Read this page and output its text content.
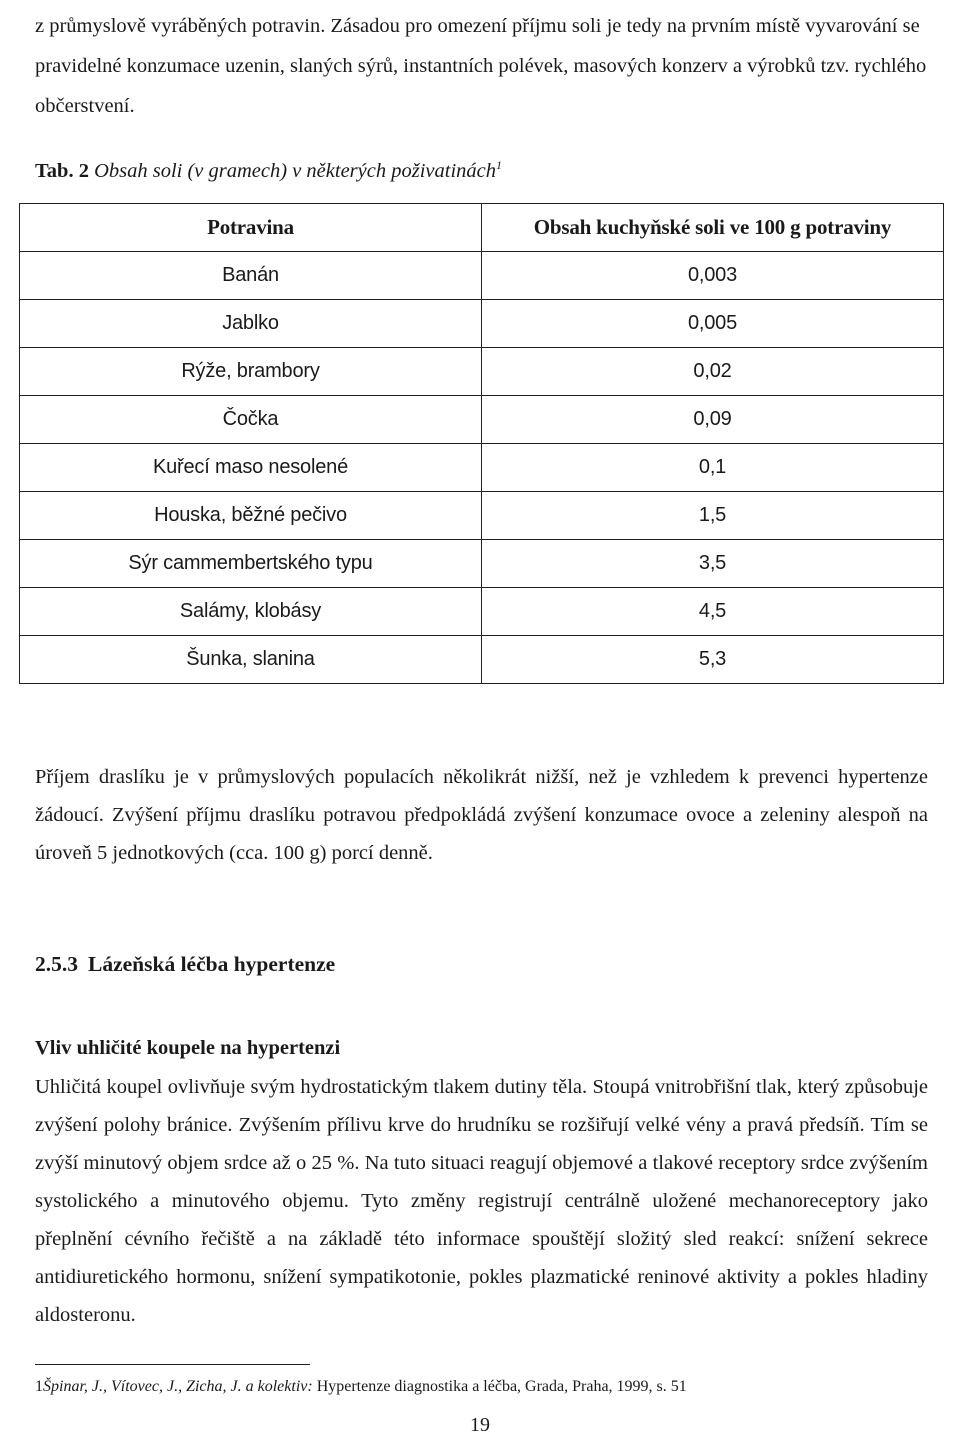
z průmyslově vyráběných potravin. Zásadou pro omezení příjmu soli je tedy na prvním místě vyvarování se pravidelné konzumace uzenin, slaných sýrů, instantních polévek, masových konzerv a výrobků tzv. rychlého občerstvení.

Tab. 2 Obsah soli (v gramech) v některých poživatinách$^1$

Potravina	Obsah kuchyňské soli ve 100 g potraviny
Banán	0,003
Jablko	0,005
Rýže, brambory	0,02
Čočka	0,09
Kuřecí maso nesolené	0,1
Houska, běžné pečivo	1,5
Sýr cammembertského typu	3,5
Salámy, klobásy	4,5
Šunka, slanina	5,3

Příjem draslíku je v průmyslových populacích několikrát nižší, než je vzhledem k prevenci hypertenze žádoucí. Zvýšení příjmu draslíku potravou předpokládá zvýšení konzumace ovoce a zeleniny alespoň na úroveň 5 jednotkových (cca. 100 g) porcí denně.

2.5.3 Lázeňská léčba hypertenze
Vliv uhličité koupele na hypertenzi

Uhličitá koupel ovlivňuje svým hydrostatickým tlakem dutiny těla. Stoupá vnitrobřišní tlak, který způsobuje zvýšení polohy bránice. Zvýšením přílivu krve do hrudníku se rozšiřují velké vény a pravá předsíň. Tím se zvýší minutový objem srdce až o 25 %. Na tuto situaci reagují objemové a tlakové receptory srdce zvýšením systolického a minutového objemu. Tyto změny registrují centrálně uložené mechanoreceptory jako přeplnění cévního řečiště a na základě této informace spouštějí složitý sled reakcí: snížení sekrece antidiuretického hormonu, snížení sympatikotonie, pokles plazmatické reninové aktivity a pokles hladiny aldosteronu.

1Špinar, J., Vítovec, J., Zicha, J. a kolektiv: Hypertenze diagnostika a léčba, Grada, Praha, 1999, s. 51

19
